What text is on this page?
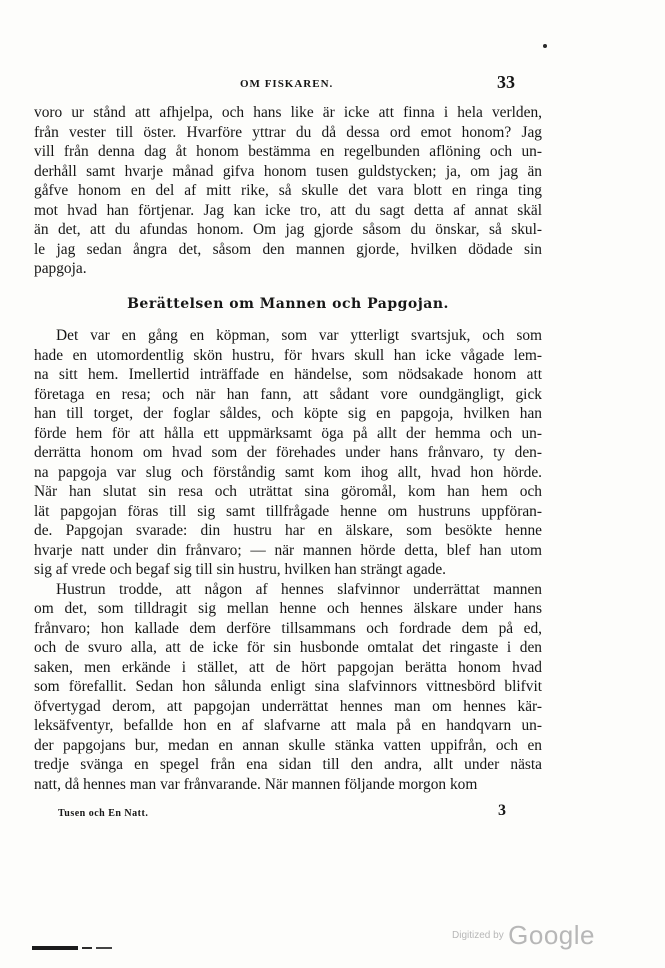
OM FISKAREN.	33
voro ur stånd att afhjelpa, och hans like är icke att finna i hela verlden,
från vester till öster. Hvarföre yttrar du då dessa ord emot honom? Jag
vill från denna dag åt honom bestämma en regelbunden aflöning och un-
derhåll samt hvarje månad gifva honom tusen guldstycken; ja, om jag än
gåfve honom en del af mitt rike, så skulle det vara blott en ringa ting
mot hvad han förtjenar. Jag kan icke tro, att du sagt detta af annat skäl
än det, att du afundas honom. Om jag gjorde såsom du önskar, så skul-
le jag sedan ångra det, såsom den mannen gjorde, hvilken dödade sin
papgoja.
Berättelsen om Mannen och Papgojan.
Det var en gång en köpman, som var ytterligt svartsjuk, och som
hade en utomordentlig skön hustru, för hvars skull han icke vågade lem-
na sitt hem. Imellertid inträffade en händelse, som nödsakade honom att
företaga en resa; och när han fann, att sådant vore oundgängligt, gick
han till torget, der foglar såldes, och köpte sig en papgoja, hvilken han
förde hem för att hålla ett uppmärksamt öga på allt der hemma och un-
derrätta honom om hvad som der förehades under hans frånvaro, ty den-
na papgoja var slug och förståndig samt kom ihog allt, hvad hon hörde.
När han slutat sin resa och uträttat sina göromål, kom han hem och
lät papgojan föras till sig samt tillfrågade henne om hustruns uppföran-
de. Papgojan svarade: din hustru har en älskare, som besökte henne
hvarje natt under din frånvaro; — när mannen hörde detta, blef han utom
sig af vrede och begaf sig till sin hustru, hvilken han strängt agade.
Hustrun trodde, att någon af hennes slafvinnor underrättat mannen
om det, som tilldragit sig mellan henne och hennes älskare under hans
frånvaro; hon kallade dem derföre tillsammans och fordrade dem på ed,
och de svuro alla, att de icke för sin husbonde omtalat det ringaste i den
saken, men erkände i stället, att de hört papgojan berätta honom hvad
som förefallit. Sedan hon sålunda enligt sina slafvinnors vittnesbörd blifvit
öfvertygad derom, att papgojan underrättat hennes man om hennes kär-
leksäfventyr, befallde hon en af slafvarne att mala på en handqvarn un-
der papgojans bur, medan en annan skulle stänka vatten uppifrån, och en
tredje svänga en spegel från ena sidan till den andra, allt under nästa
natt, då hennes man var frånvarande. När mannen följande morgon kom
Tusen och En Natt.	3
Digitized by Google
